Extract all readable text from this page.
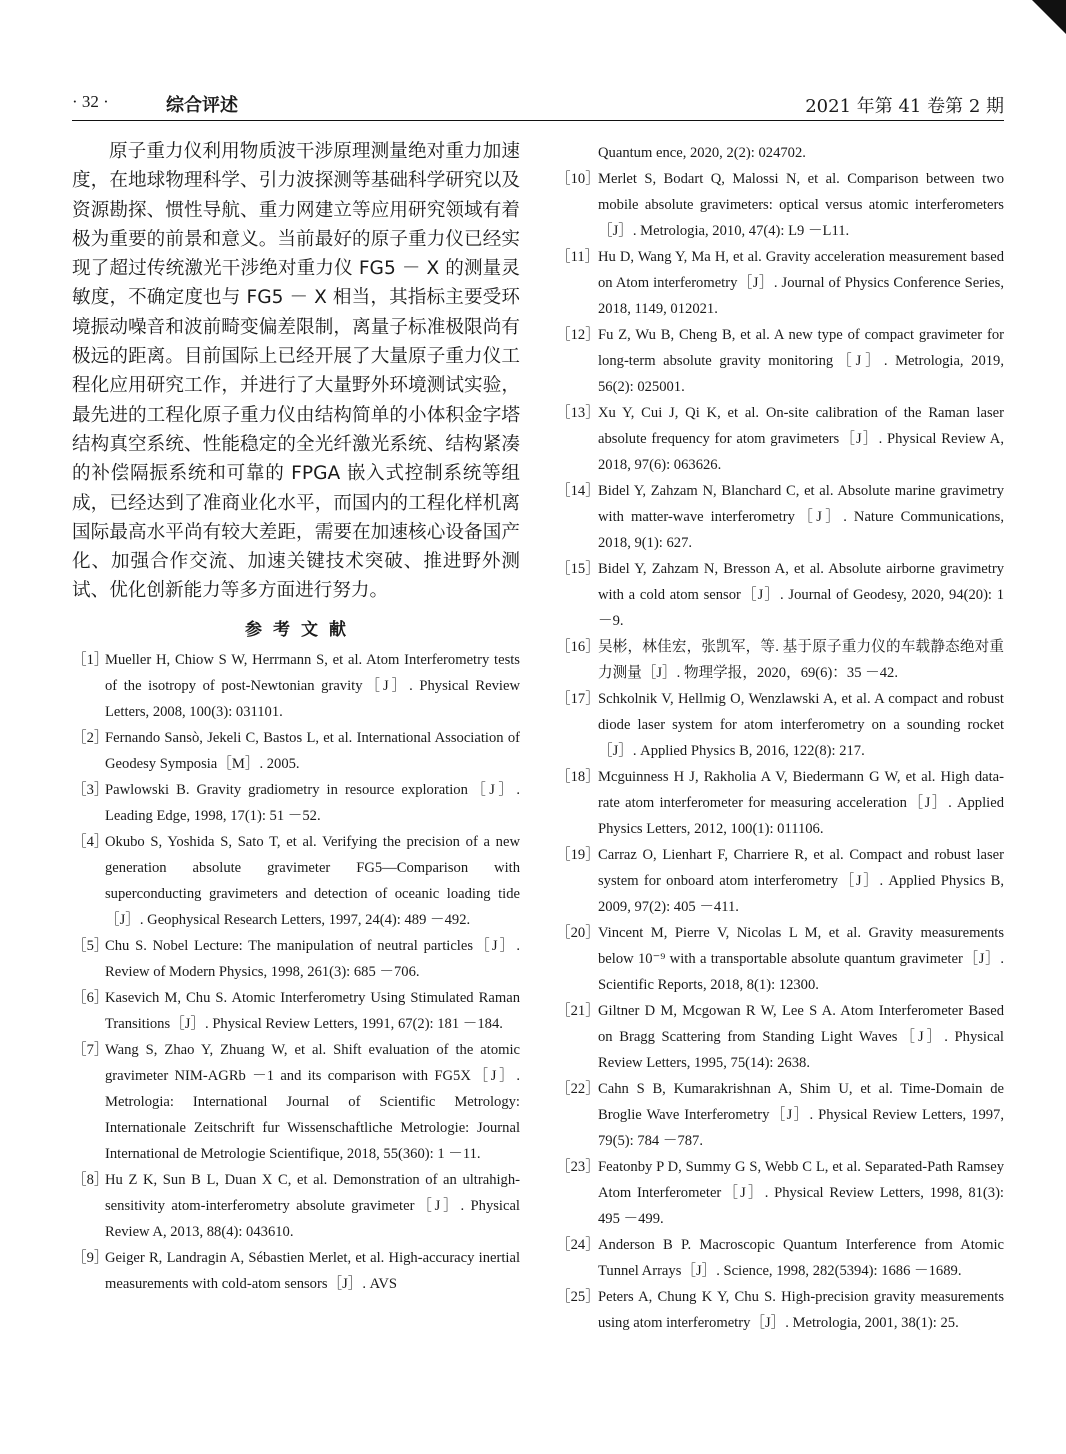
· 32 ·	综合评述	2021 年第 41 卷第 2 期

原子重力仪利用物质波干涉原理测量绝对重力加速度，在地球物理科学、引力波探测等基础科学研究以及资源勘探、惯性导航、重力网建立等应用研究领域有着极为重要的前景和意义。当前最好的原子重力仪已经实现了超过传统激光干涉绝对重力仪 FG5 － X 的测量灵敏度，不确定度也与 FG5 － X 相当，其指标主要受环境振动噪音和波前畸变偏差限制，离量子标准极限尚有极远的距离。目前国际上已经开展了大量原子重力仪工程化应用研究工作，并进行了大量野外环境测试实验，最先进的工程化原子重力仪由结构简单的小体积金字塔结构真空系统、性能稳定的全光纤激光系统、结构紧凑的补偿隔振系统和可靠的 FPGA 嵌入式控制系统等组成，已经达到了准商业化水平，而国内的工程化样机离国际最高水平尚有较大差距，需要在加速核心设备国产化、加强合作交流、加速关键技术突破、推进野外测试、优化创新能力等多方面进行努力。

参考文献
［1］
Mueller H, Chiow S W, Herrmann S, et al. Atom Interferometry tests of the isotropy of post-Newtonian gravity［J］. Physical Review Letters, 2008, 100(3): 031101.
［2］
Fernando Sansò, Jekeli C, Bastos L, et al. International Association of Geodesy Symposia［M］. 2005.
［3］
Pawlowski B. Gravity gradiometry in resource exploration［J］. Leading Edge, 1998, 17(1): 51 －52.
［4］
Okubo S, Yoshida S, Sato T, et al. Verifying the precision of a new generation absolute gravimeter FG5—Comparison with superconducting gravimeters and detection of oceanic loading tide［J］. Geophysical Research Letters, 1997, 24(4): 489 －492.
［5］
Chu S. Nobel Lecture: The manipulation of neutral particles［J］. Review of Modern Physics, 1998, 261(3): 685 －706.
［6］
Kasevich M, Chu S. Atomic Interferometry Using Stimulated Raman Transitions［J］. Physical Review Letters, 1991, 67(2): 181 －184.
［7］
Wang S, Zhao Y, Zhuang W, et al. Shift evaluation of the atomic gravimeter NIM-AGRb －1 and its comparison with FG5X［J］. Metrologia: International Journal of Scientific Metrology: Internationale Zeitschrift fur Wissenschaftliche Metrologie: Journal International de Metrologie Scientifique, 2018, 55(360): 1 －11.
［8］
Hu Z K, Sun B L, Duan X C, et al. Demonstration of an ultrahigh-sensitivity atom-interferometry absolute gravimeter［J］. Physical Review A, 2013, 88(4): 043610.
［9］
Geiger R, Landragin A, Sébastien Merlet, et al. High-accuracy inertial measurements with cold-atom sensors［J］. AVS
Quantum ence, 2020, 2(2): 024702.
［10］
Merlet S, Bodart Q, Malossi N, et al. Comparison between two mobile absolute gravimeters: optical versus atomic interferometers［J］. Metrologia, 2010, 47(4): L9 －L11.
［11］
Hu D, Wang Y, Ma H, et al. Gravity acceleration measurement based on Atom interferometry［J］. Journal of Physics Conference Series, 2018, 1149, 012021.
［12］
Fu Z, Wu B, Cheng B, et al. A new type of compact gravimeter for long-term absolute gravity monitoring［J］. Metrologia, 2019, 56(2): 025001.
［13］
Xu Y, Cui J, Qi K, et al. On-site calibration of the Raman laser absolute frequency for atom gravimeters［J］. Physical Review A, 2018, 97(6): 063626.
［14］
Bidel Y, Zahzam N, Blanchard C, et al. Absolute marine gravimetry with matter-wave interferometry［J］. Nature Communications, 2018, 9(1): 627.
［15］
Bidel Y, Zahzam N, Bresson A, et al. Absolute airborne gravimetry with a cold atom sensor［J］. Journal of Geodesy, 2020, 94(20): 1 －9.
［16］
吴彬，林佳宏，张凯军，等. 基于原子重力仪的车载静态绝对重力测量［J］. 物理学报，2020，69(6)：35 －42.
［17］
Schkolnik V, Hellmig O, Wenzlawski A, et al. A compact and robust diode laser system for atom interferometry on a sounding rocket［J］. Applied Physics B, 2016, 122(8): 217.
［18］
Mcguinness H J, Rakholia A V, Biedermann G W, et al. High data-rate atom interferometer for measuring acceleration［J］. Applied Physics Letters, 2012, 100(1): 011106.
［19］
Carraz O, Lienhart F, Charriere R, et al. Compact and robust laser system for onboard atom interferometry［J］. Applied Physics B, 2009, 97(2): 405 －411.
［20］
Vincent M, Pierre V, Nicolas L M, et al. Gravity measurements below 10⁻⁹ with a transportable absolute quantum gravimeter［J］. Scientific Reports, 2018, 8(1): 12300.
［21］
Giltner D M, Mcgowan R W, Lee S A. Atom Interferometer Based on Bragg Scattering from Standing Light Waves［J］. Physical Review Letters, 1995, 75(14): 2638.
［22］
Cahn S B, Kumarakrishnan A, Shim U, et al. Time-Domain de Broglie Wave Interferometry［J］. Physical Review Letters, 1997, 79(5): 784 －787.
［23］
Featonby P D, Summy G S, Webb C L, et al. Separated-Path Ramsey Atom Interferometer［J］. Physical Review Letters, 1998, 81(3): 495 －499.
［24］
Anderson B P. Macroscopic Quantum Interference from Atomic Tunnel Arrays［J］. Science, 1998, 282(5394): 1686 －1689.
［25］
Peters A, Chung K Y, Chu S. High-precision gravity measurements using atom interferometry［J］. Metrologia, 2001, 38(1): 25.
